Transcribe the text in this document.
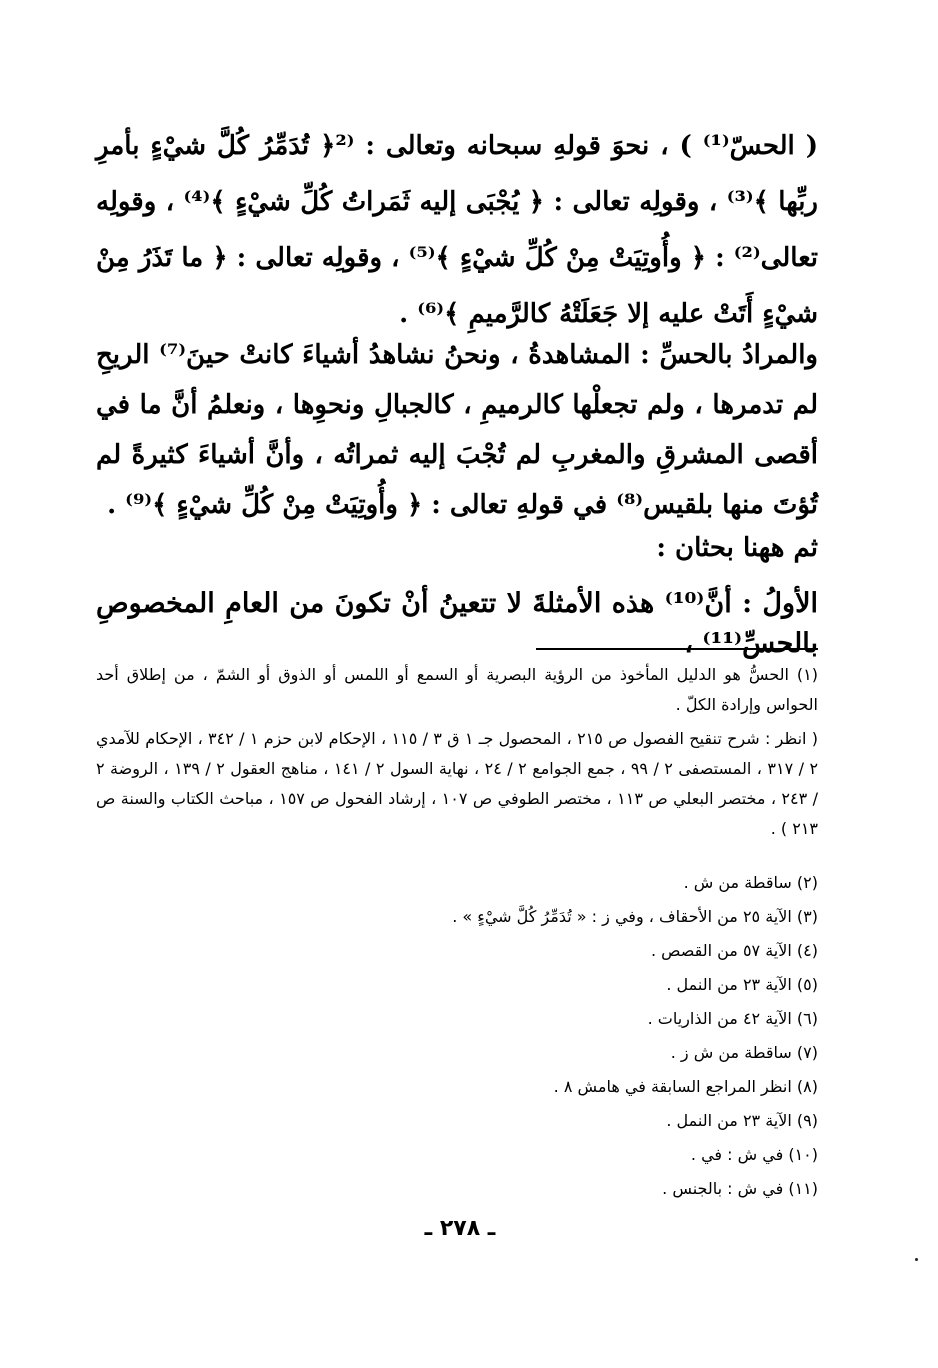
( الحسّ⁽¹⁾ ) ، نحوَ قولهِ سبحانه وتعالى : ⁽²﴿ تُدَمِّرُ كُلَّ شيْءٍ بأمرِ ربِّها ﴾⁽³⁾ ، وقولِه تعالى : ﴿ يُجْبَى إليه ثَمَراتُ كُلِّ شيْءٍ ﴾⁽⁴⁾ ، وقولِه تعالى⁽²⁾ : ﴿ وأُوتِيَتْ مِنْ كُلِّ شيْءٍ ﴾⁽⁵⁾ ، وقولِه تعالى : ﴿ ما تَذَرُ مِنْ شيْءٍ أَتَتْ عليه إلا جَعَلَتْهُ كالرَّميمِ ﴾⁽⁶⁾ .
والمرادُ بالحسِّ : المشاهدةُ ، ونحنُ نشاهدُ أشياءَ كانتْ حينَ⁽⁷⁾ الريحِ لم تدمرها ، ولم تجعلْها كالرميمِ ، كالجبالِ ونحوِها ، ونعلمُ أنَّ ما في أقصى المشرقِ والمغربِ لم تُجْبَ إليه ثمراتُه ، وأنَّ أشياءَ كثيرةً لم تُؤتَ منها بلقيس⁽⁸⁾ في قولهِ تعالى : ﴿ وأُوتِيَتْ مِنْ كُلِّ شيْءٍ ﴾⁽⁹⁾ .
ثم ههنا بحثان :
الأولُ : أنَّ⁽¹⁰⁾ هذه الأمثلةَ لا تتعينُ أنْ تكونَ من العامِ المخصوصِ بالحسِّ⁽¹¹⁾ ،
(١) الحسُّ هو الدليل المأخوذ من الرؤية البصرية أو السمع أو اللمس أو الذوق أو الشمّ ، من إطلاق أحد الحواس وإرادة الكلّ .
( انظر : شرح تنقيح الفصول ص ٢١٥ ، المحصول جـ ١ ق ٣ / ١١٥ ، الإحكام لابن حزم ١ / ٣٤٢ ، الإحكام للآمدي ٢ / ٣١٧ ، المستصفى ٢ / ٩٩ ، جمع الجوامع ٢ / ٢٤ ، نهاية السول ٢ / ١٤١ ، مناهج العقول ٢ / ١٣٩ ، الروضة ٢ / ٢٤٣ ، مختصر البعلي ص ١١٣ ، مختصر الطوفي ص ١٠٧ ، إرشاد الفحول ص ١٥٧ ، مباحث الكتاب والسنة ص ٢١٣ ) .
(٢) ساقطة من ش .
(٣) الآية ٢٥ من الأحقاف ، وفي ز : « تُدَمِّرُ كُلَّ شيْءٍ » .
(٤) الآية ٥٧ من القصص .
(٥) الآية ٢٣ من النمل .
(٦) الآية ٤٢ من الذاريات .
(٧) ساقطة من ش ز .
(٨) انظر المراجع السابقة في هامش ٨ .
(٩) الآية ٢٣ من النمل .
(١٠) في ش : في .
(١١) في ش : بالجنس .
ـ ٢٧٨ ـ
